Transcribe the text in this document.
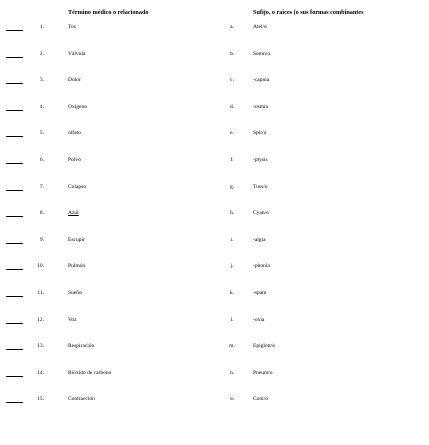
Término médico o relacionado	Sufijo, o raíces (o sus formas combinantes
1.	Tos	a.	Atel/o
2.	Válvula	b.	Somn/o
3.	Dolor	c.	-capnia
4.	Oxígeno	d.	-osmia
5.	olfato	e.	Spir/o
6.	Polvo	f.	-ptysis
7.	Colapso	g.	Tuss/o
8.	Azul	h.	Cyan/o
9.	Escupir	i.	-algia
10.	Pulmón	j.	-phonia
11.	Sueño	k.	-spam
12.	Voz	l.	-oxia
13.	Respiración	m.	Epiglott/o
14.	Bióxido de carbono	n.	Pneum/o
15.	Contracción	o.	Coni/o
